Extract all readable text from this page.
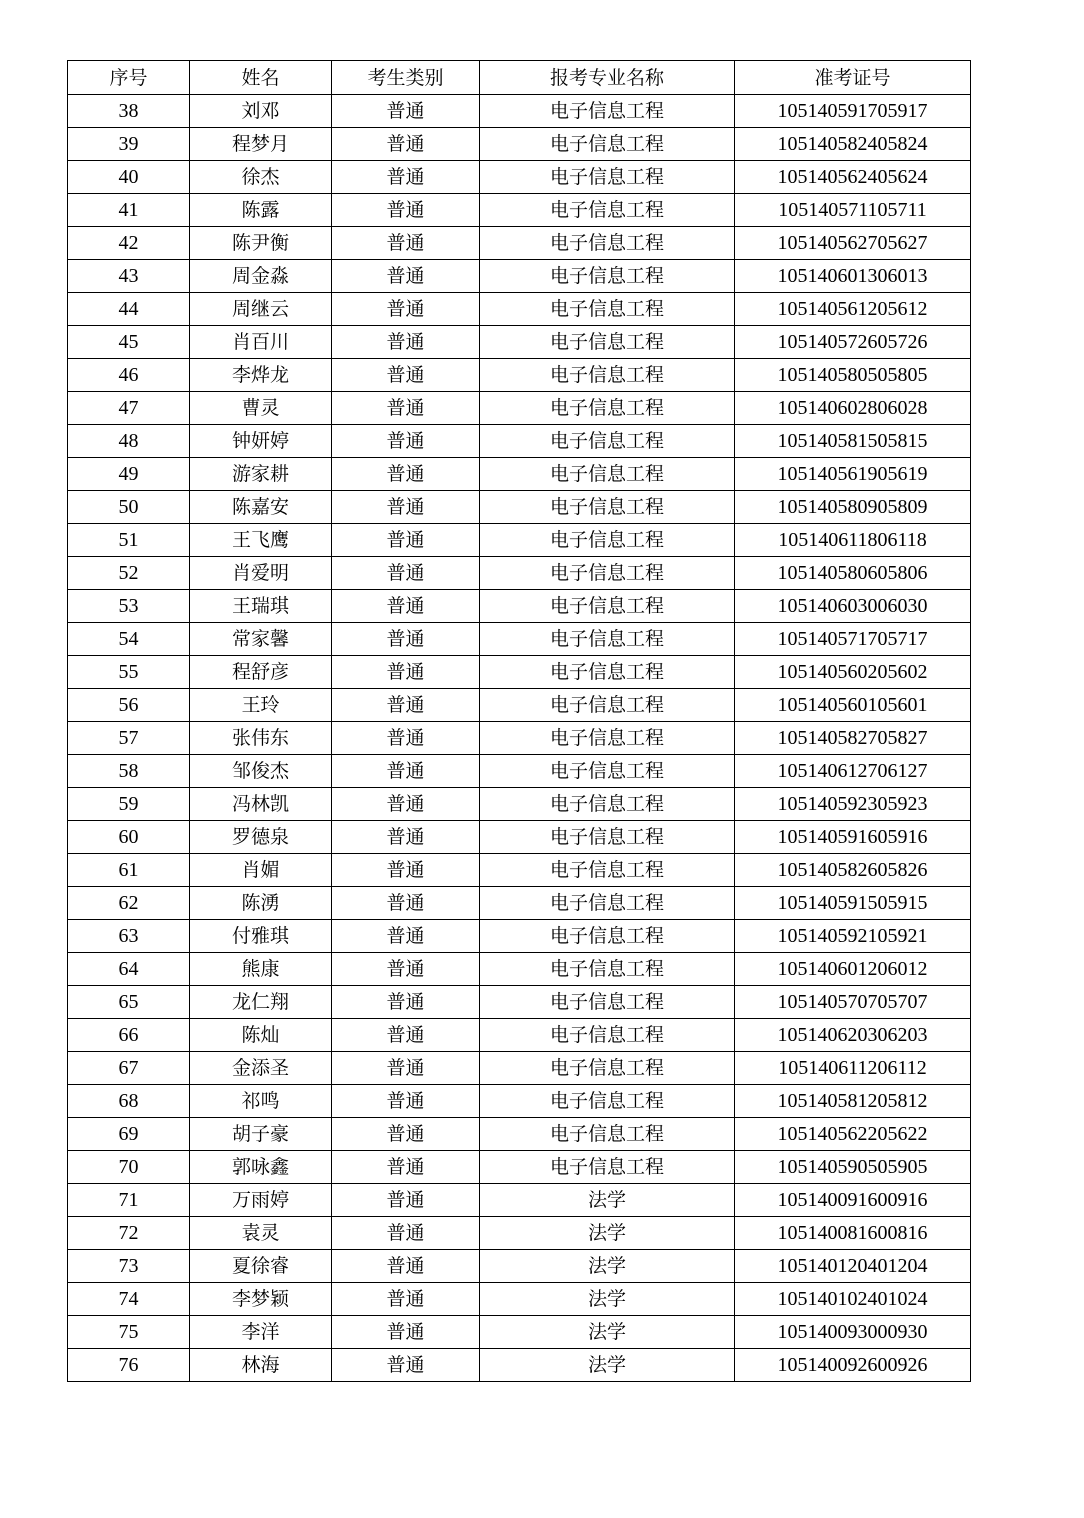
序号	姓名	考生类别	报考专业名称	准考证号
38	刘邓	普通	电子信息工程	105140591705917
39	程梦月	普通	电子信息工程	105140582405824
40	徐杰	普通	电子信息工程	105140562405624
41	陈露	普通	电子信息工程	105140571105711
42	陈尹衡	普通	电子信息工程	105140562705627
43	周金淼	普通	电子信息工程	105140601306013
44	周继云	普通	电子信息工程	105140561205612
45	肖百川	普通	电子信息工程	105140572605726
46	李烨龙	普通	电子信息工程	105140580505805
47	曹灵	普通	电子信息工程	105140602806028
48	钟妍婷	普通	电子信息工程	105140581505815
49	游家耕	普通	电子信息工程	105140561905619
50	陈嘉安	普通	电子信息工程	105140580905809
51	王飞鹰	普通	电子信息工程	105140611806118
52	肖爱明	普通	电子信息工程	105140580605806
53	王瑞琪	普通	电子信息工程	105140603006030
54	常家馨	普通	电子信息工程	105140571705717
55	程舒彦	普通	电子信息工程	105140560205602
56	王玲	普通	电子信息工程	105140560105601
57	张伟东	普通	电子信息工程	105140582705827
58	邹俊杰	普通	电子信息工程	105140612706127
59	冯林凯	普通	电子信息工程	105140592305923
60	罗德泉	普通	电子信息工程	105140591605916
61	肖媚	普通	电子信息工程	105140582605826
62	陈湧	普通	电子信息工程	105140591505915
63	付雅琪	普通	电子信息工程	105140592105921
64	熊康	普通	电子信息工程	105140601206012
65	龙仁翔	普通	电子信息工程	105140570705707
66	陈灿	普通	电子信息工程	105140620306203
67	金添圣	普通	电子信息工程	105140611206112
68	祁鸣	普通	电子信息工程	105140581205812
69	胡子豪	普通	电子信息工程	105140562205622
70	郭咏鑫	普通	电子信息工程	105140590505905
71	万雨婷	普通	法学	105140091600916
72	袁灵	普通	法学	105140081600816
73	夏徐睿	普通	法学	105140120401204
74	李梦颖	普通	法学	105140102401024
75	李洋	普通	法学	105140093000930
76	林海	普通	法学	105140092600926
